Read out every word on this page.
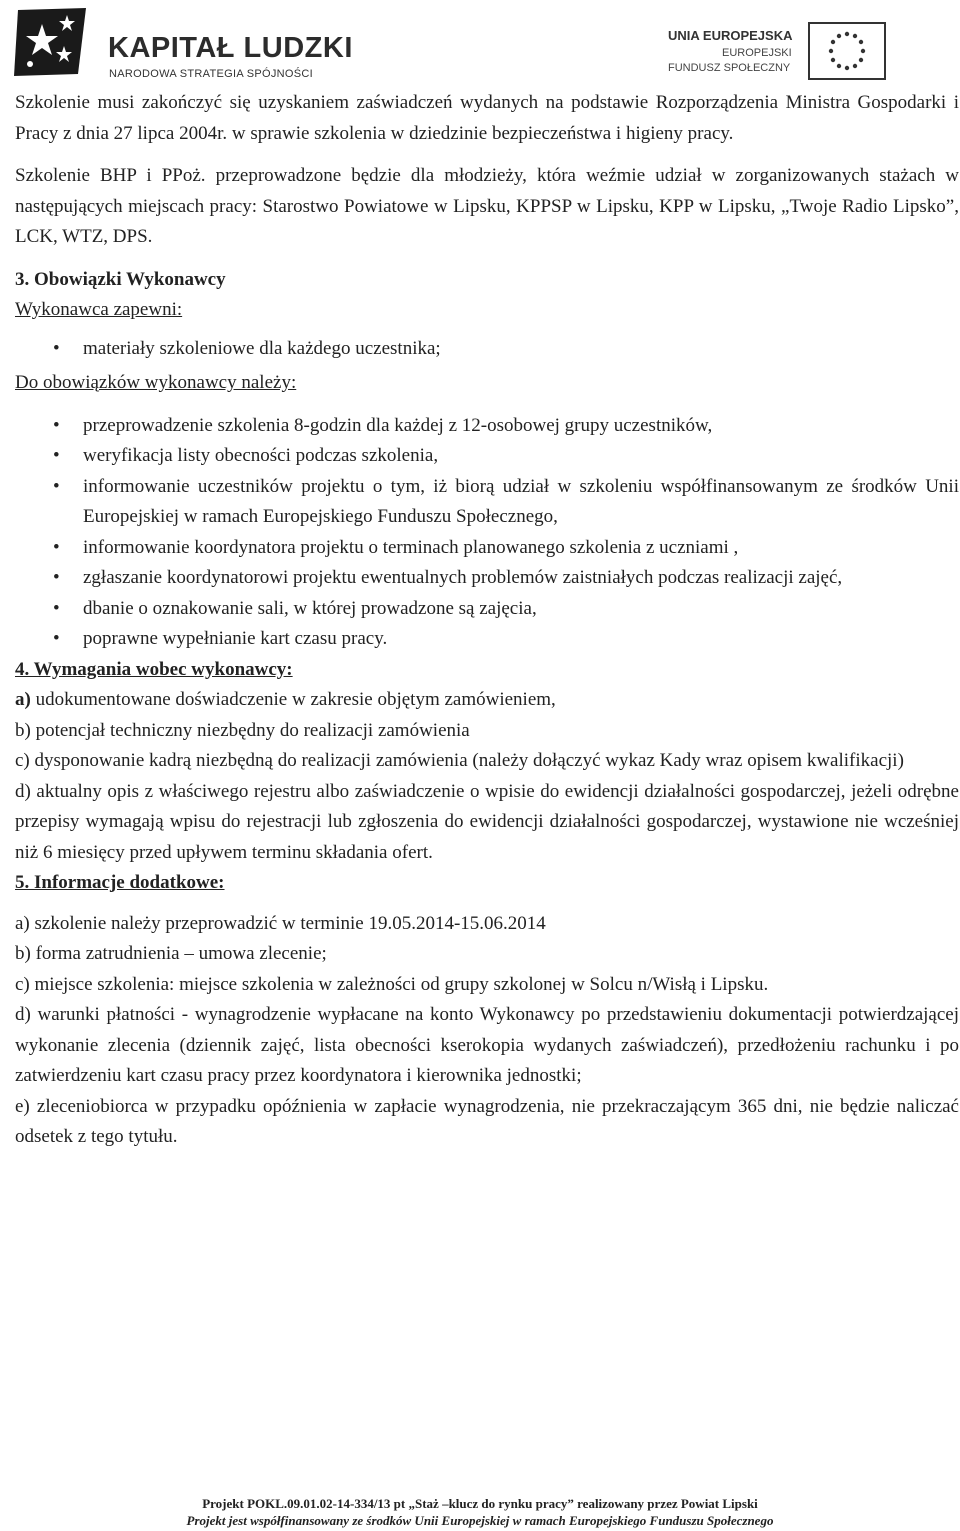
KAPITAŁ LUDZKI
NARODOWA STRATEGIA SPÓJNOŚCI
UNIA EUROPEJSKA
EUROPEJSKI
FUNDUSZ SPOŁECZNY

Szkolenie musi zakończyć się uzyskaniem zaświadczeń wydanych na podstawie Rozporządzenia Ministra Gospodarki i Pracy z dnia 27 lipca 2004r. w sprawie szkolenia w dziedzinie bezpieczeństwa i higieny pracy.

Szkolenie BHP i PPoż. przeprowadzone będzie dla młodzieży, która weźmie udział w zorganizowanych stażach w następujących miejscach pracy: Starostwo Powiatowe w Lipsku, KPPSP w Lipsku, KPP w Lipsku, „Twoje Radio Lipsko”, LCK, WTZ, DPS.

3. Obowiązki Wykonawcy

Wykonawca zapewni:

• materiały szkoleniowe dla każdego uczestnika;

Do obowiązków wykonawcy należy:

• przeprowadzenie szkolenia 8-godzin dla każdej z 12-osobowej grupy uczestników,
• weryfikacja listy obecności podczas szkolenia,
• informowanie uczestników projektu o tym, iż biorą udział w szkoleniu współfinansowanym ze środków Unii Europejskiej w ramach Europejskiego Funduszu Społecznego,
• informowanie koordynatora projektu o terminach planowanego szkolenia z uczniami ,
• zgłaszanie koordynatorowi projektu ewentualnych problemów zaistniałych podczas realizacji zajęć,
• dbanie o oznakowanie sali, w której prowadzone są zajęcia,
• poprawne wypełnianie kart czasu pracy.

4. Wymagania wobec wykonawcy:

a) udokumentowane doświadczenie w zakresie objętym zamówieniem,

b) potencjał techniczny niezbędny do realizacji zamówienia

c) dysponowanie kadrą niezbędną do realizacji zamówienia (należy dołączyć wykaz Kady wraz opisem kwalifikacji)

d) aktualny opis z właściwego rejestru albo zaświadczenie o wpisie do ewidencji działalności gospodarczej, jeżeli odrębne przepisy wymagają wpisu do rejestracji lub zgłoszenia do ewidencji działalności gospodarczej, wystawione nie wcześniej niż 6 miesięcy przed upływem terminu składania ofert.

5. Informacje dodatkowe:

a) szkolenie należy przeprowadzić w terminie 19.05.2014-15.06.2014

b) forma zatrudnienia – umowa zlecenie;

c) miejsce szkolenia: miejsce szkolenia w zależności od grupy szkolonej w Solcu n/Wisłą i Lipsku.

d) warunki płatności - wynagrodzenie wypłacane na konto Wykonawcy po przedstawieniu dokumentacji potwierdzającej wykonanie zlecenia (dziennik zajęć, lista obecności kserokopia wydanych zaświadczeń), przedłożeniu rachunku i po zatwierdzeniu kart czasu pracy przez koordynatora i kierownika jednostki;

e) zleceniobiorca w przypadku opóźnienia w zapłacie wynagrodzenia, nie przekraczającym 365 dni, nie będzie naliczać odsetek z tego tytułu.

Projekt POKL.09.01.02-14-334/13 pt „Staż –klucz do rynku pracy” realizowany przez Powiat Lipski
Projekt jest współfinansowany ze środków Unii Europejskiej w ramach Europejskiego Funduszu Społecznego
